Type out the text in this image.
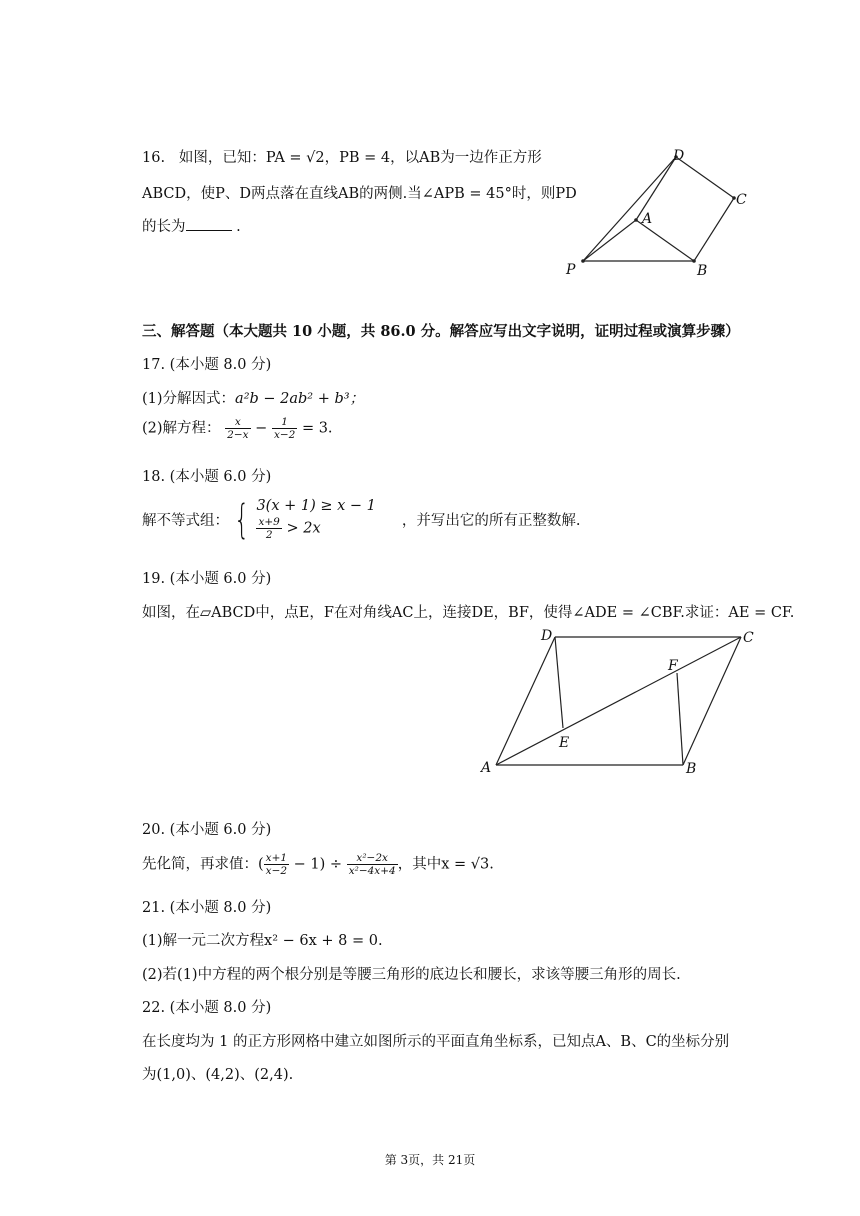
16. 如图，已知：PA = √2，PB = 4，以AB为一边作正方形
ABCD，使P、D两点落在直线AB的两侧.当∠APB = 45°时，则PD
的长为	.
D
C
A
P	B
三、解答题（本大题共 10 小题，共 86.0 分。解答应写出文字说明，证明过程或演算步骤）
17. (本小题 8.0 分)
(1)分解因式：a²b − 2ab² + b³；
(2)解方程： $\frac{x}{2-x} - \frac{1}{x-2} = 3$.
18. (本小题 6.0 分)
解不等式组： { 3(x + 1) ≥ x − 1
$\frac{x+9}{2} > 2x$	，并写出它的所有正整数解.
19. (本小题 6.0 分)
如图，在▱ABCD中，点E，F在对角线AC上，连接DE，BF，使得∠ADE = ∠CBF.求证：AE = CF.
D	C
F
E
A	B
20. (本小题 6.0 分)
先化简，再求值：( $\frac{x+1}{x-2} - 1) \div \frac{\text{x²−2x}}{\text{x²−4x+4}}$ ，其中x = √3.
21. (本小题 8.0 分)
(1)解一元二次方程x² − 6x + 8 = 0.
(2)若(1)中方程的两个根分别是等腰三角形的底边长和腰长，求该等腰三角形的周长.
22. (本小题 8.0 分)
在长度均为 1 的正方形网格中建立如图所示的平面直角坐标系，已知点A、B、C的坐标分别
为(1,0)、(4,2)、(2,4).
第 3页，共 21页
